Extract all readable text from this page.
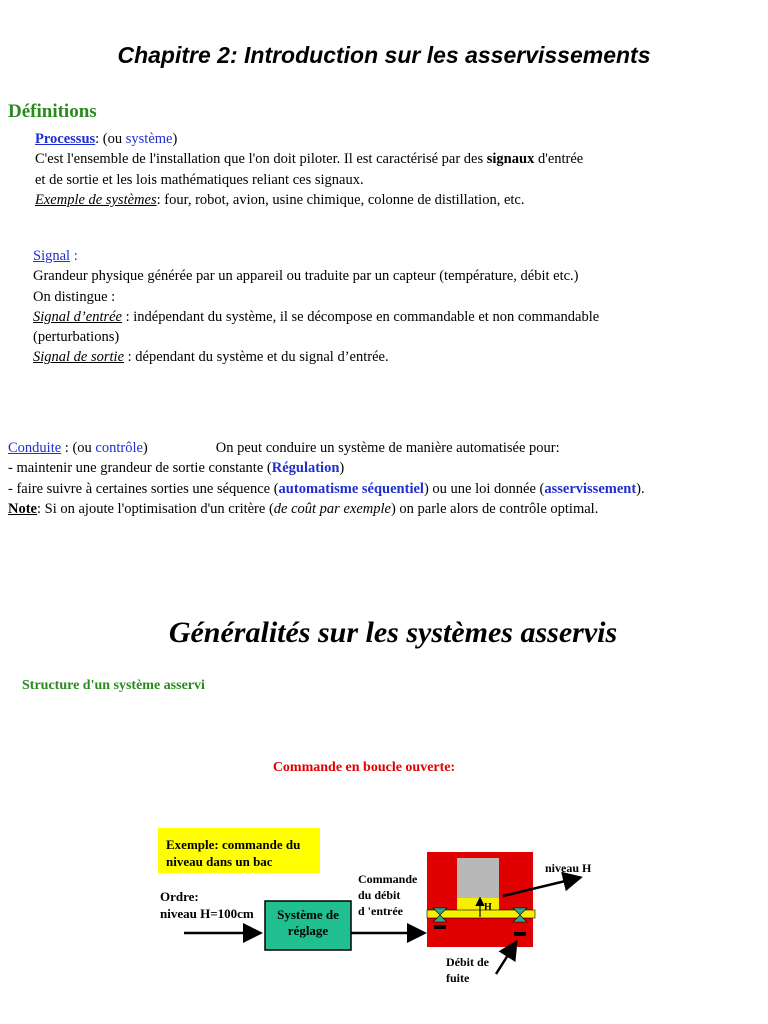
Chapitre 2: Introduction sur les asservissements
Définitions
Processus: (ou système)
C'est l'ensemble de l'installation que l'on doit piloter. Il est caractérisé par des signaux d'entrée
et de sortie et les lois mathématiques reliant ces signaux.
Exemple de systèmes: four, robot, avion, usine chimique, colonne de distillation, etc.
Signal :
Grandeur physique générée par un appareil ou traduite par un capteur (température, débit etc.)
On distingue :
Signal d’entrée : indépendant du système, il se décompose en commandable et non commandable
(perturbations)
Signal de sortie : dépendant du système et du signal d’entrée.
Conduite : (ou contrôle)	On peut conduire un système de manière automatisée pour:
- maintenir une grandeur de sortie constante (Régulation)
- faire suivre à certaines sorties une séquence (automatisme séquentiel) ou une loi donnée (asservissement).
Note: Si on ajoute l'optimisation d'un critère (de coût par exemple) on parle alors de contrôle optimal.
Généralités sur les systèmes asservis
Structure d'un système asservi
Commande en boucle ouverte:
Exemple: commande du
niveau dans un bac
Ordre:
niveau H=100cm Système de
réglage
Commande
du débit
d 'entrée	H
niveau H
Débit de
fuite
